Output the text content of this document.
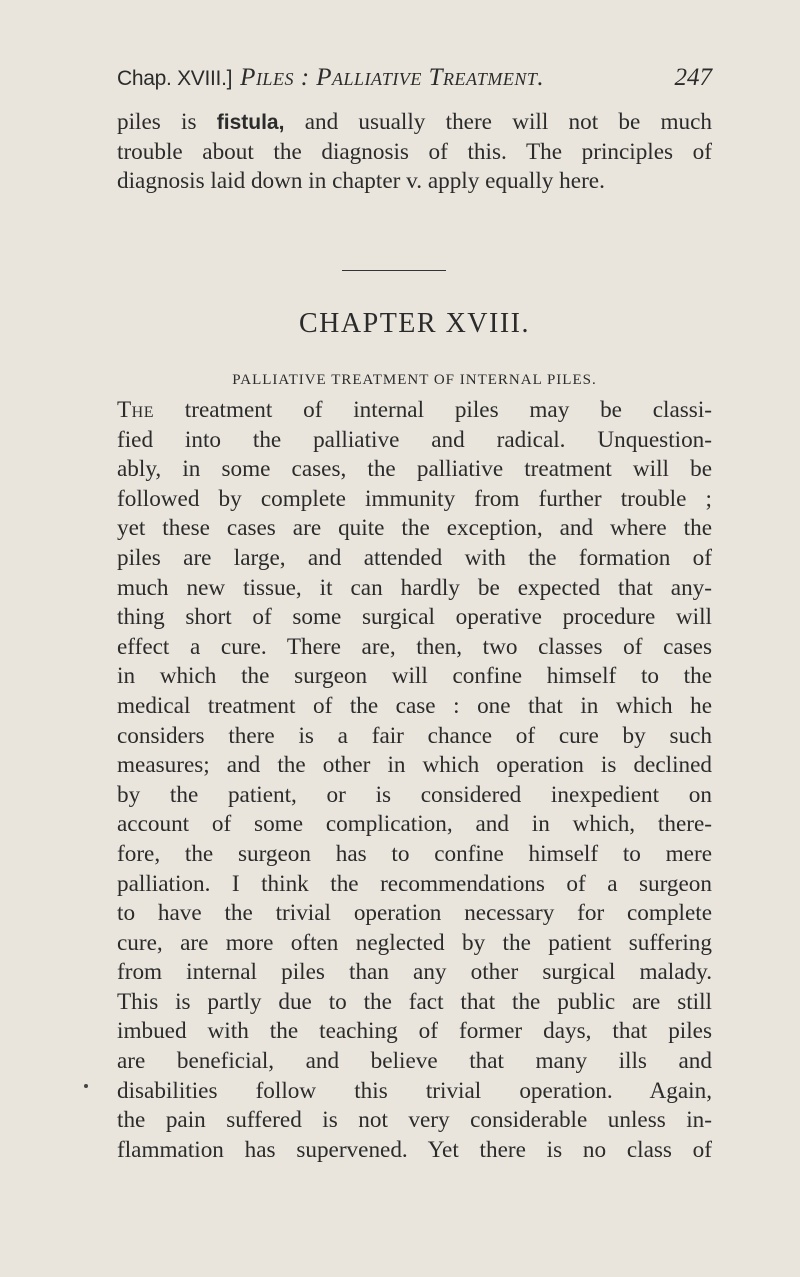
Chap. XVIII.] Piles : Palliative Treatment.	247
piles is fistula, and usually there will not be much
trouble about the diagnosis of this. The principles of
diagnosis laid down in chapter v. apply equally here.
CHAPTER XVIII.
PALLIATIVE TREATMENT OF INTERNAL PILES.
The treatment of internal piles may be classi-
fied into the palliative and radical. Unquestion-
ably, in some cases, the palliative treatment will be
followed by complete immunity from further trouble ;
yet these cases are quite the exception, and where the
piles are large, and attended with the formation of
much new tissue, it can hardly be expected that any-
thing short of some surgical operative procedure will
effect a cure. There are, then, two classes of cases
in which the surgeon will confine himself to the
medical treatment of the case : one that in which he
considers there is a fair chance of cure by such
measures; and the other in which operation is declined
by the patient, or is considered inexpedient on
account of some complication, and in which, there-
fore, the surgeon has to confine himself to mere
palliation. I think the recommendations of a surgeon
to have the trivial operation necessary for complete
cure, are more often neglected by the patient suffering
from internal piles than any other surgical malady.
This is partly due to the fact that the public are still
imbued with the teaching of former days, that piles
are beneficial, and believe that many ills and
disabilities follow this trivial operation. Again,
the pain suffered is not very considerable unless in-
flammation has supervened. Yet there is no class of
